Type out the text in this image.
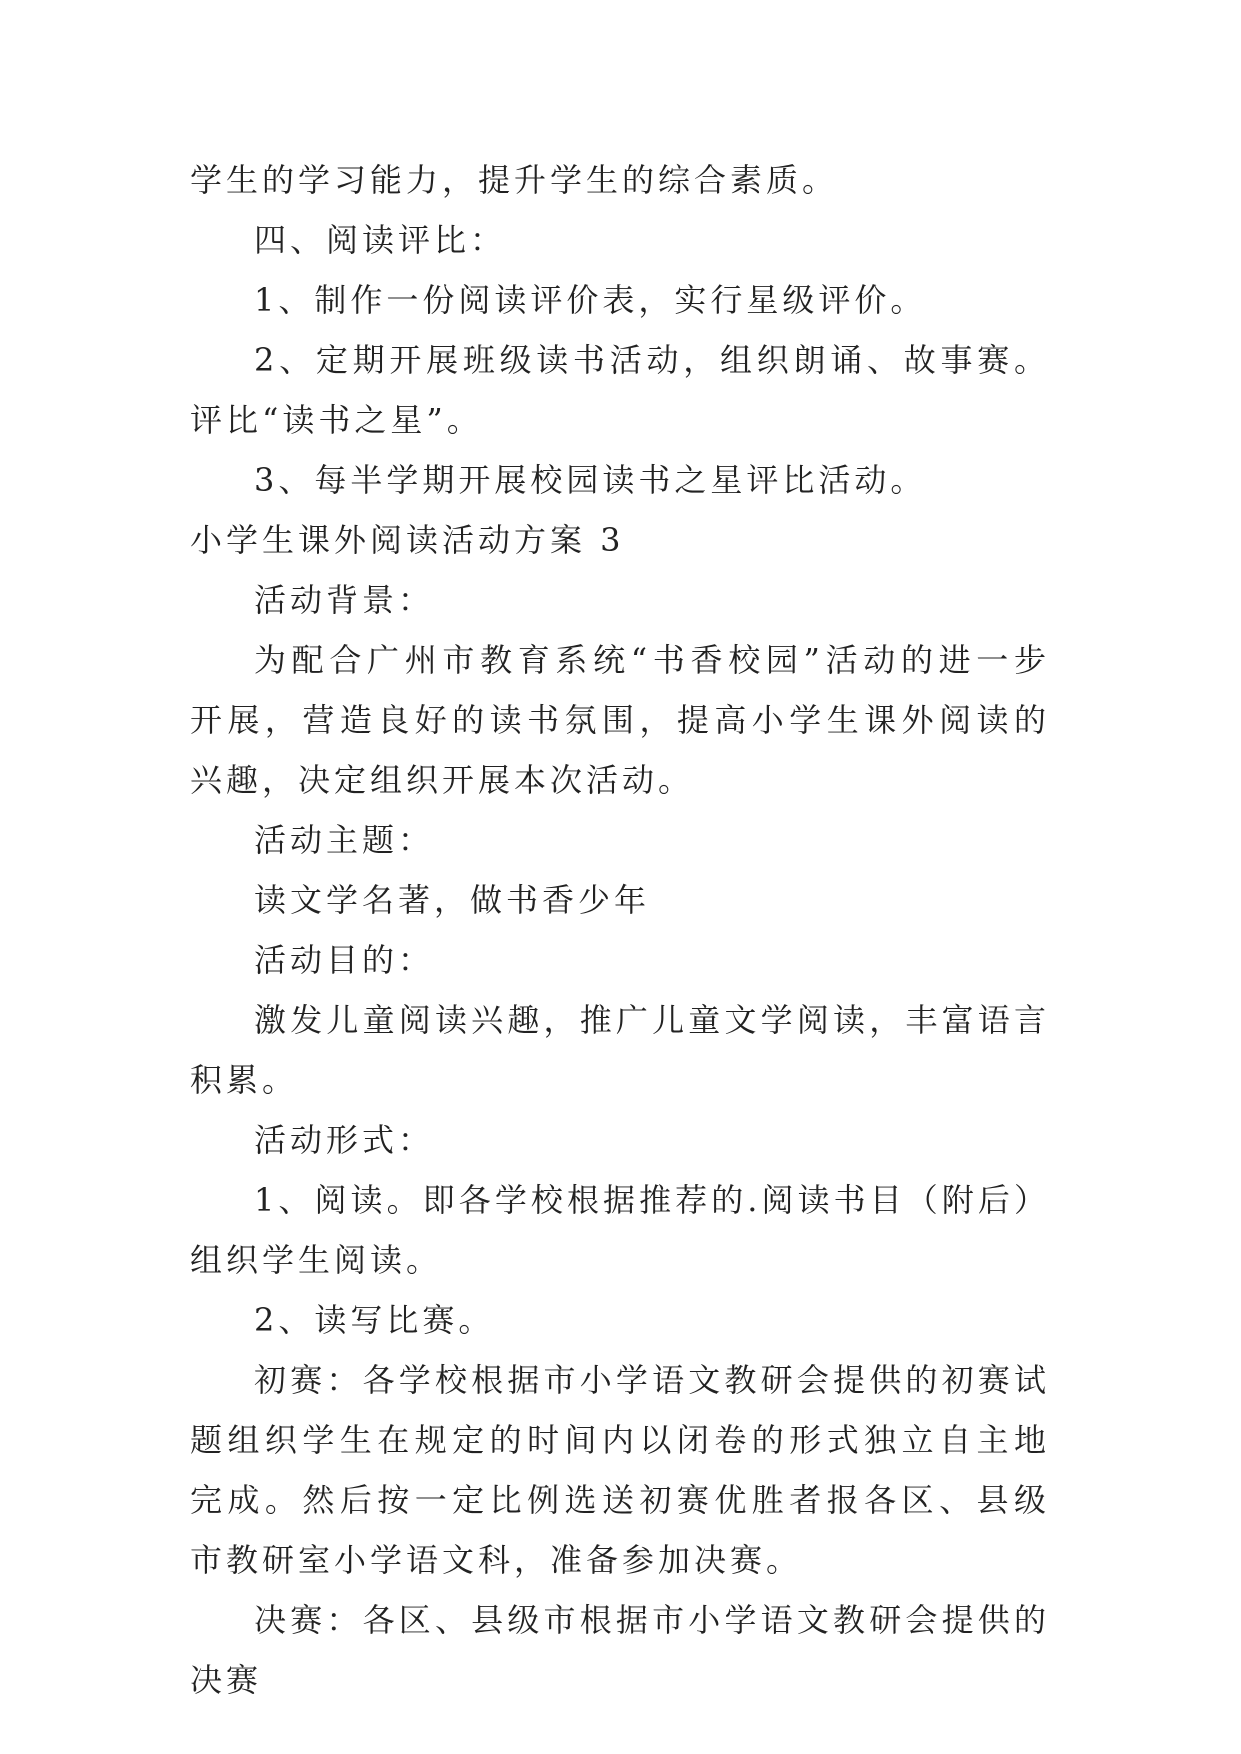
学生的学习能力，提升学生的综合素质。

四、阅读评比：

1、制作一份阅读评价表，实行星级评价。

2、定期开展班级读书活动，组织朗诵、故事赛。评比“读书之星”。

3、每半学期开展校园读书之星评比活动。

小学生课外阅读活动方案 3

活动背景：

为配合广州市教育系统“书香校园”活动的进一步开展，营造良好的读书氛围，提高小学生课外阅读的兴趣，决定组织开展本次活动。

活动主题：

读文学名著，做书香少年

活动目的：

激发儿童阅读兴趣，推广儿童文学阅读，丰富语言积累。

活动形式：

1、阅读。即各学校根据推荐的.阅读书目（附后）组织学生阅读。

2、读写比赛。

初赛：各学校根据市小学语文教研会提供的初赛试题组织学生在规定的时间内以闭卷的形式独立自主地完成。然后按一定比例选送初赛优胜者报各区、县级市教研室小学语文科，准备参加决赛。

决赛：各区、县级市根据市小学语文教研会提供的决赛
